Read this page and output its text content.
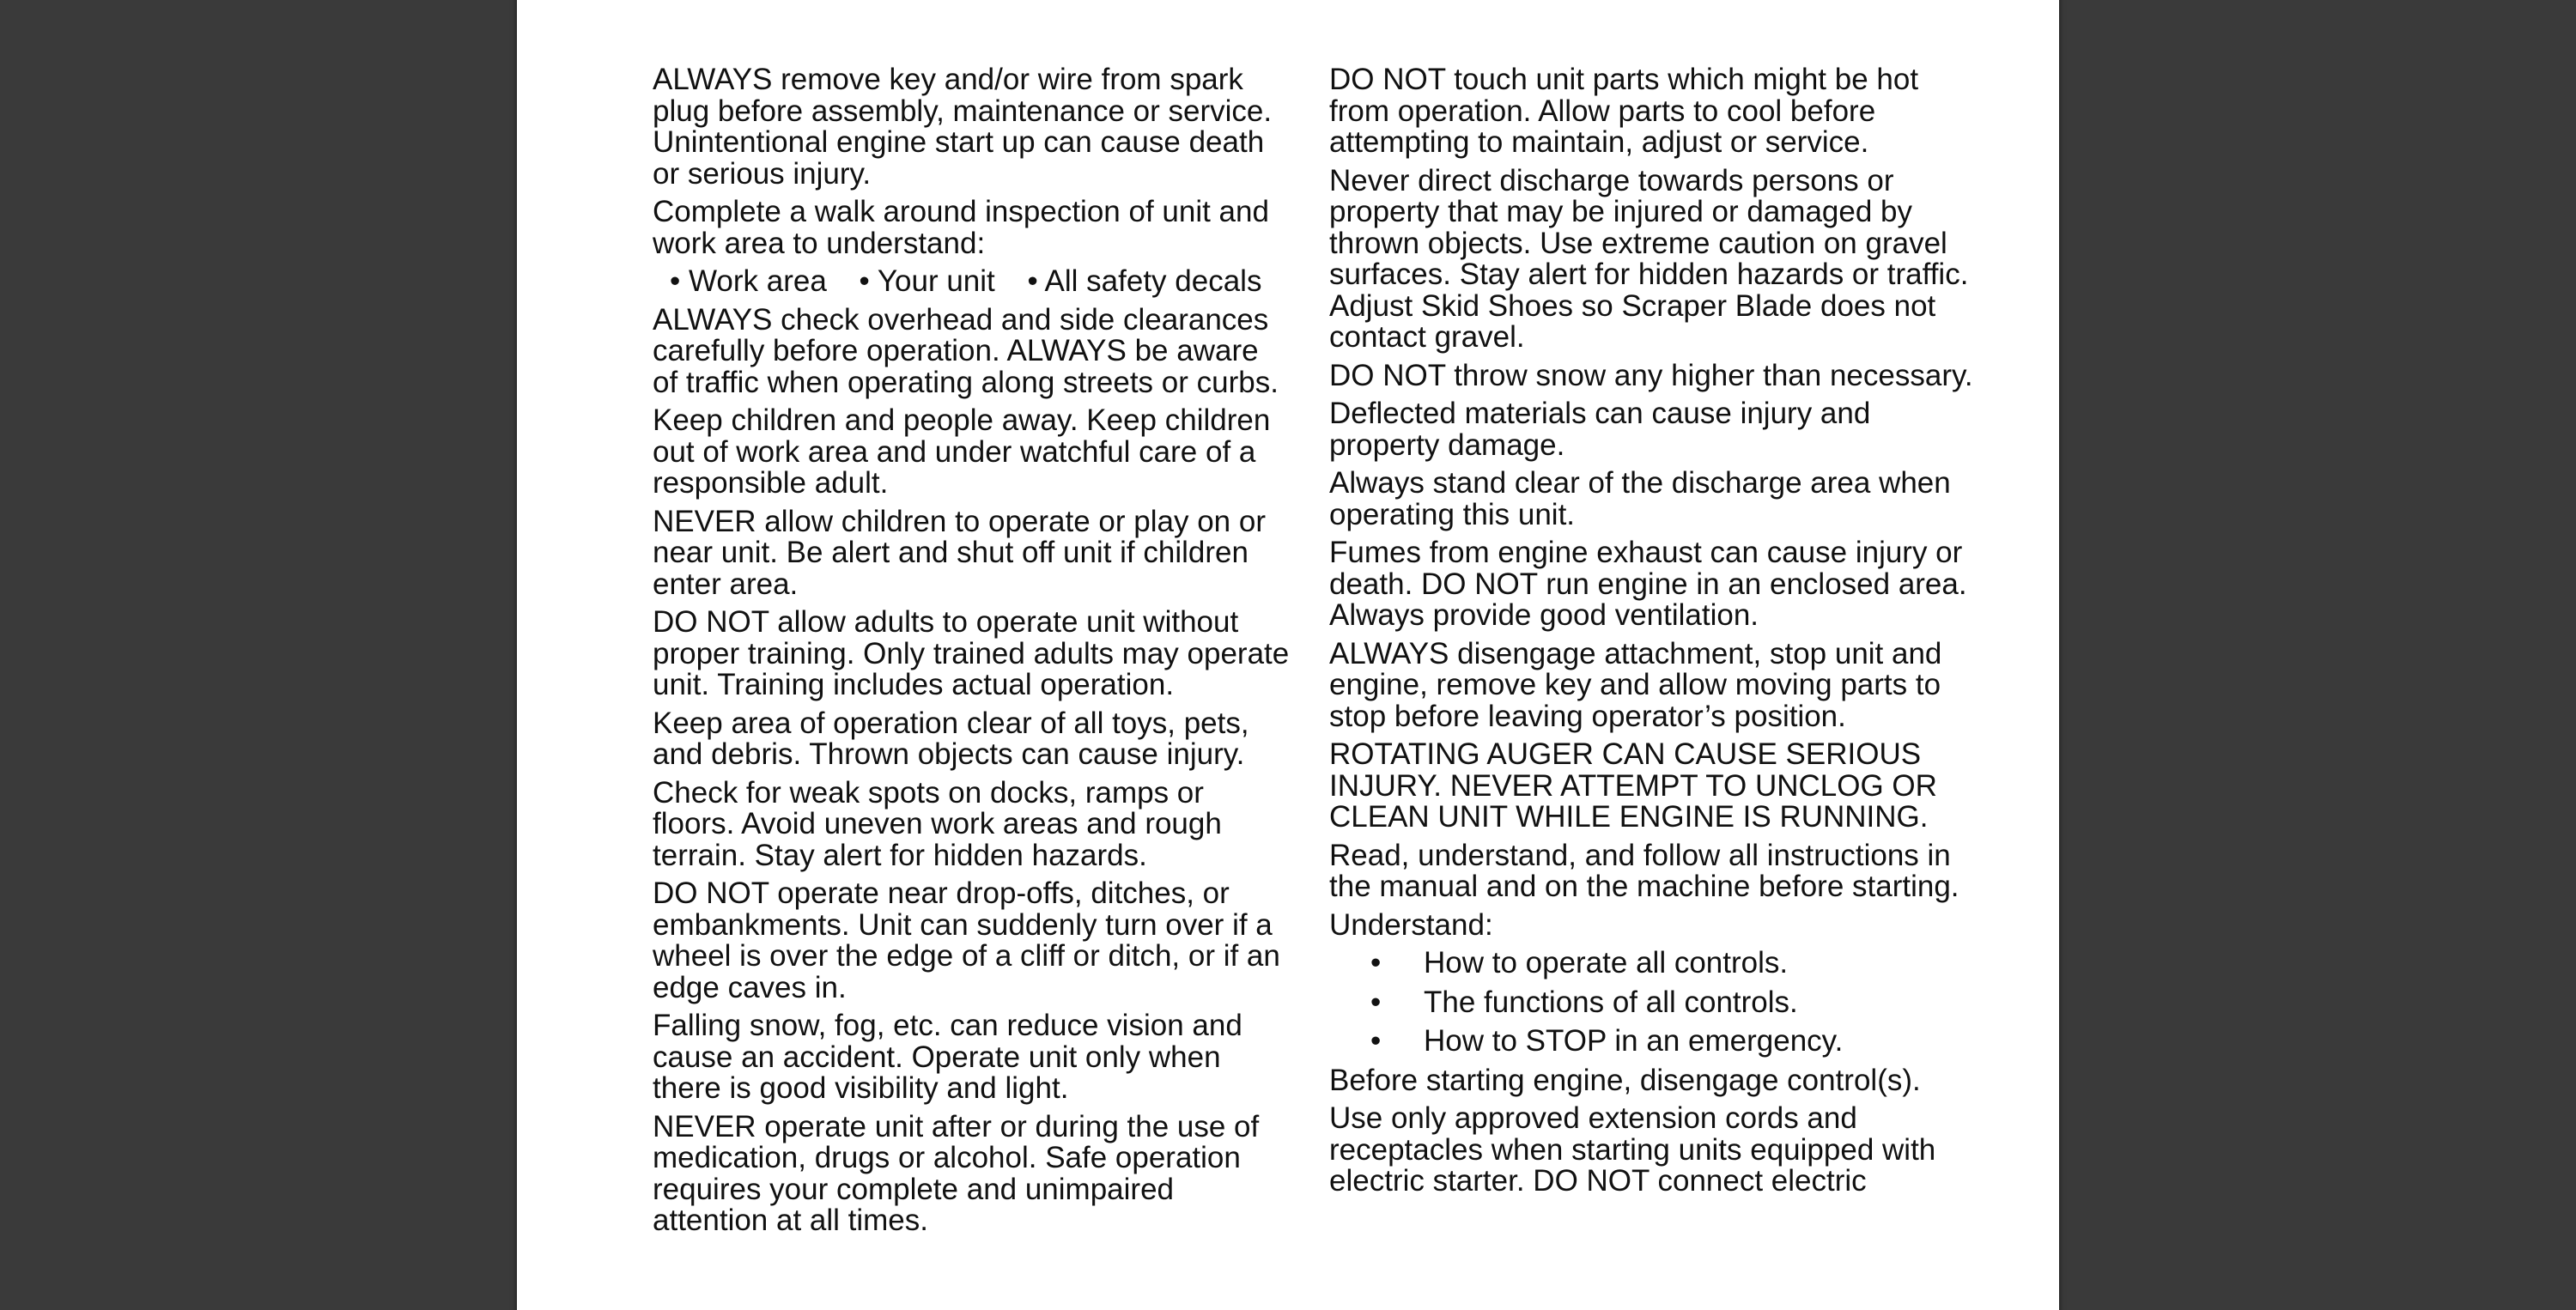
ALWAYS remove key and/or wire from spark plug before assembly, maintenance or service. Unintentional engine start up can cause death or serious injury.

Complete a walk around inspection of unit and work area to understand:

• Work area • Your unit • All safety decals

ALWAYS check overhead and side clearances carefully before operation. ALWAYS be aware of traffic when operating along streets or curbs.

Keep children and people away. Keep children out of work area and under watchful care of a responsible adult.

NEVER allow children to operate or play on or near unit. Be alert and shut off unit if children enter area.

DO NOT allow adults to operate unit without proper training. Only trained adults may operate unit. Training includes actual operation.

Keep area of operation clear of all toys, pets, and debris. Thrown objects can cause injury.

Check for weak spots on docks, ramps or floors. Avoid uneven work areas and rough terrain. Stay alert for hidden hazards.

DO NOT operate near drop-offs, ditches, or embankments. Unit can suddenly turn over if a wheel is over the edge of a cliff or ditch, or if an edge caves in.

Falling snow, fog, etc. can reduce vision and cause an accident. Operate unit only when there is good visibility and light.

NEVER operate unit after or during the use of medication, drugs or alcohol. Safe operation requires your complete and unimpaired attention at all times.

DO NOT touch unit parts which might be hot from operation. Allow parts to cool before attempting to maintain, adjust or service.

Never direct discharge towards persons or property that may be injured or damaged by thrown objects. Use extreme caution on gravel surfaces. Stay alert for hidden hazards or traffic. Adjust Skid Shoes so Scraper Blade does not contact gravel.

DO NOT throw snow any higher than necessary.

Deflected materials can cause injury and property damage.

Always stand clear of the discharge area when operating this unit.

Fumes from engine exhaust can cause injury or death. DO NOT run engine in an enclosed area. Always provide good ventilation.

ALWAYS disengage attachment, stop unit and engine, remove key and allow moving parts to stop before leaving operator’s position.

ROTATING AUGER CAN CAUSE SERIOUS INJURY. NEVER ATTEMPT TO UNCLOG OR CLEAN UNIT WHILE ENGINE IS RUNNING.

Read, understand, and follow all instructions in the manual and on the machine before starting.

Understand:

• How to operate all controls.
• The functions of all controls.
• How to STOP in an emergency.

Before starting engine, disengage control(s).

Use only approved extension cords and receptacles when starting units equipped with electric starter. DO NOT connect electric
